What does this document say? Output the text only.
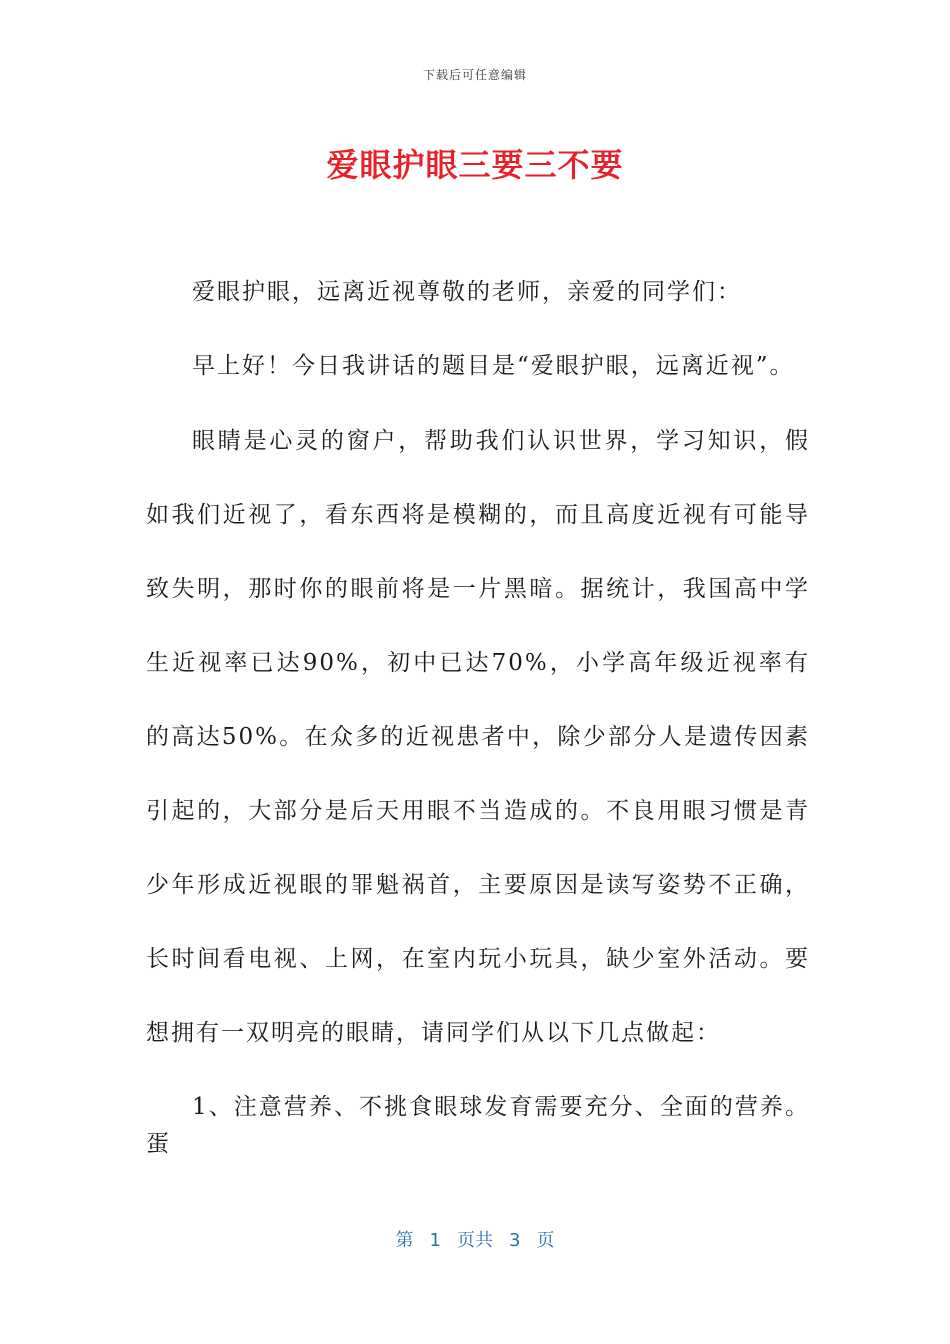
下载后可任意编辑
爱眼护眼三要三不要

爱眼护眼，远离近视尊敬的老师，亲爱的同学们：

早上好！今日我讲话的题目是“爱眼护眼，远离近视”。

眼睛是心灵的窗户，帮助我们认识世界，学习知识，假如我们近视了，看东西将是模糊的，而且高度近视有可能导致失明，那时你的眼前将是一片黑暗。据统计，我国高中学生近视率已达90%，初中已达70%，小学高年级近视率有的高达50%。在众多的近视患者中，除少部分人是遗传因素引起的，大部分是后天用眼不当造成的。不良用眼习惯是青少年形成近视眼的罪魁祸首，主要原因是读写姿势不正确，长时间看电视、上网，在室内玩小玩具，缺少室外活动。要想拥有一双明亮的眼睛，请同学们从以下几点做起：

1、注意营养、不挑食眼球发育需要充分、全面的营养。蛋

第 1 页共 3 页
